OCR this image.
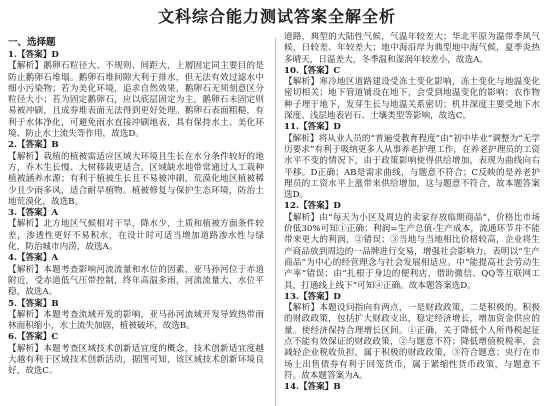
文科综合能力测试答案全解全析
一、选择题
1.【答案】D
【解析】鹅卵石粒径大、不规则、间距大，上層固定同主要目的是防止鹅卵石堆塌。鹅卵石堆间隙大利于排水，但无法有效过滤水中细小污染物；若为美化环境，追求自然效果，鹅卵石无须刻意区分粒径大小；若为固定鹅卵石，应以底层固定为主，鹅卵石未固定则易被冲刷，且成券堆表面无法得到更好处理。鹅卵石表面粗糙，有利于水体净化，可避免雨水直接冲刷地表，具有保持水土、美化环境、防止水土流失等作用，故选D。
2.【答案】B
【解析】栽植的植被需适应区域大环境且生长在水分条件较好的地方，乔木生长慢、大树移栽更适合。区域缺水地带常通过人工栽种植被涵养水源；有利于植被生长且不易被冲刷，荒漠化地区植被稀少且少雨多风，适合耐旱植物。植被修复与保护生态环境，防治土地荒漠化，故选B。
3.【答案】A
【解析】北方地区气候相对干旱，降水少，土质和植被方面条件较差，渗透性更好不易积水，在设计时可适当增加道路渗水性与绿化，防治城市内涝，故选A。
4.【答案】A
【解析】本题考查影响河流流量和水位的因素，亚马孙河位于赤道附近，受赤道低气压带控制，终年高温多雨，河流流量大，水位平稳，故选A。
5.【答案】B
【解析】本题考查流域开发的影响，亚马孙河流域开发导致热带雨林面积缩小，水土流失加剧，植被破坏，故选B。
6.【答案】C
【解析】本题考查区域技术创新适宜度的概念，技术创新适宜度越大越有利于区域技术创新活动，据图可知，该区域技术创新环境良好，故选C。
道路，典型的大陆性气候，气温年较差大；华北平原为温带季风气候，日较差、年较差大；地中海沿岸为典型地中海气候，夏季炎热多晴天，日温差大，冬季温和湿润年较差小，故选A。
10.【答案】C
【解析】寒冷地区道路建设受冻土变化影响，冻土变化与地温变化密切相关；地下管道铺设在地下，会受到地温变化的影响；农作物种子埋于地下，发芽生长与地温关系密切；机井深度主要受地下水深度、浅层地表岩石、土壤类型等影响，故选C。
11.【答案】D
【解析】将从业人员的“普遍受教育程度”由“初中毕业”调整为“无学历要求”有利于吸纳更多人从事养老护理工作，在养老护理员的工资水平不变的情况下，由于政策影响使得供给增加，表现为曲线向右平移。D正确；AB是需求曲线，与题意不符合；C反映的是养老护理员的工资水平上涨带来供给增加，这与题意不符合，故本题答案选D。
12.【答案】D
【解析】由“每天为小区及周边的卖家存放临期商品”，价格比市场价低30%可知①正确；利润=生产总值-生产成本，流通环节并不能带来更大的利润，②错误；③当地与当地相比价格较高，企业将生产商品放到周边的一品牌进行交易，增强社会影响力，表明以“生产商品”为中心的经营理念与社会发展相适应。中“能提高社会劳动生产率”错误；由“扎根于身边的便利店，借助微信、QQ等互联网工具，打通线上线下”可知④正确。故本题答案选D。
13.【答案】D
【解析】本题设问指向有两点，一是财政政策，二是积极的。积极的财政政策，包括扩大财政支出，稳定经济增长，增加资金供应的量。使经济保持合理增长区间。①正确，关于降低个人所得税起征点不能有效保证的财政政策，②与题意不符；降低增值税税率，会减轻企业税收负担，属于积极的财政政策，③符合题意；央行在市场上出售债券有利于回笼货币，属于紧缩性货币政策，与题意不符。故本题答案为A。
14.【答案】B
